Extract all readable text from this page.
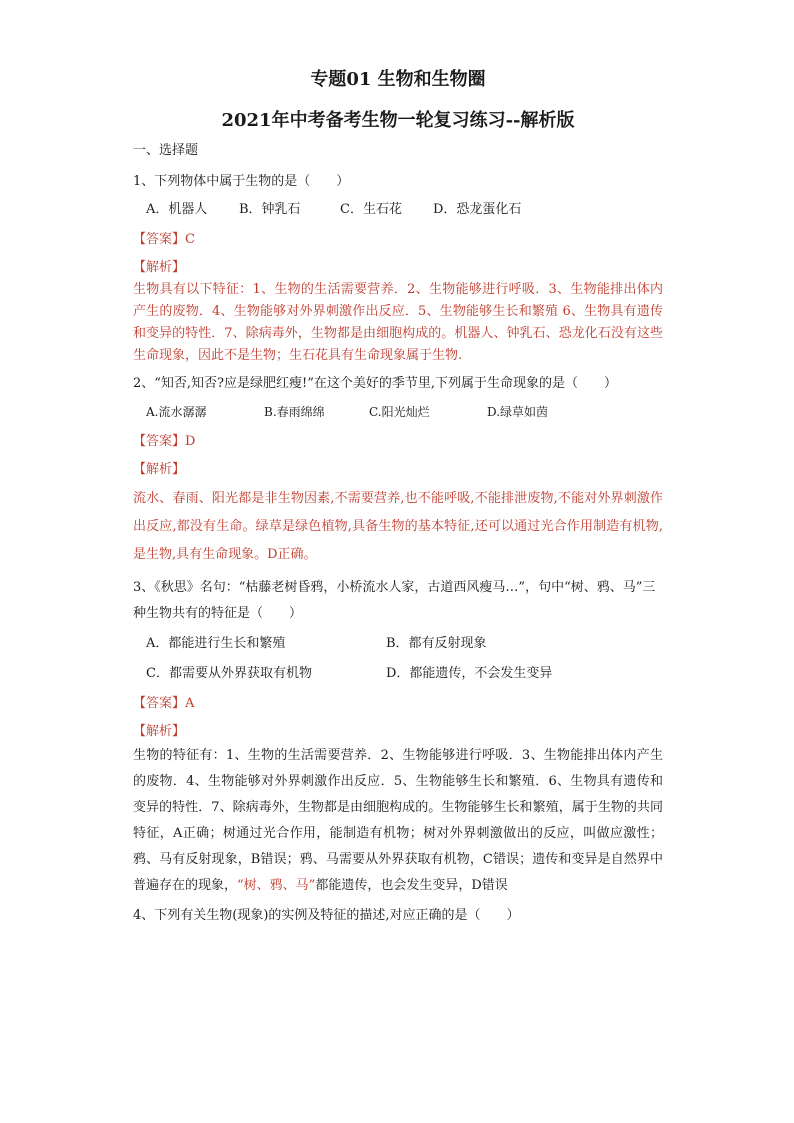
专题01 生物和生物圈

2021年中考备考生物一轮复习练习--解析版

一、选择题

1、下列物体中属于生物的是（　　）

A．机器人	B．钟乳石	C．生石花	D．恐龙蛋化石

【答案】C

【解析】

生物具有以下特征：1、生物的生活需要营养．2、生物能够进行呼吸．3、生物能排出体内产生的废物．4、生物能够对外界刺激作出反应．5、生物能够生长和繁殖 6、生物具有遗传和变异的特性．7、除病毒外，生物都是由细胞构成的。机器人、钟乳石、恐龙化石没有这些生命现象，因此不是生物；生石花具有生命现象属于生物.

2、“知否,知否?应是绿肥红瘦!”在这个美好的季节里,下列属于生命现象的是（　　）

A.流水潺潺	B.春雨绵绵	C.阳光灿烂	D.绿草如茵

【答案】D

【解析】

流水、春雨、阳光都是非生物因素,不需要营养,也不能呼吸,不能排泄废物,不能对外界刺激作出反应,都没有生命。绿草是绿色植物,具备生物的基本特征,还可以通过光合作用制造有机物,是生物,具有生命现象。D正确。

3、《秋思》名句：“枯藤老树昏鸦，小桥流水人家，古道西风瘦马…”，句中“树、鸦、马”三种生物共有的特征是（　　）

A．都能进行生长和繁殖	B．都有反射现象
C．都需要从外界获取有机物	D．都能遗传，不会发生变异

【答案】A

【解析】

生物的特征有：1、生物的生活需要营养．2、生物能够进行呼吸．3、生物能排出体内产生的废物．4、生物能够对外界刺激作出反应．5、生物能够生长和繁殖．6、生物具有遗传和变异的特性．7、除病毒外，生物都是由细胞构成的。生物能够生长和繁殖，属于生物的共同特征，A正确；树通过光合作用，能制造有机物；树对外界刺激做出的反应，叫做应激性；鸦、马有反射现象，B错误；鸦、马需要从外界获取有机物，C错误；遗传和变异是自然界中普遍存在的现象，“树、鸦、马”都能遗传，也会发生变异，D错误

4、下列有关生物(现象)的实例及特征的描述,对应正确的是（　　）
